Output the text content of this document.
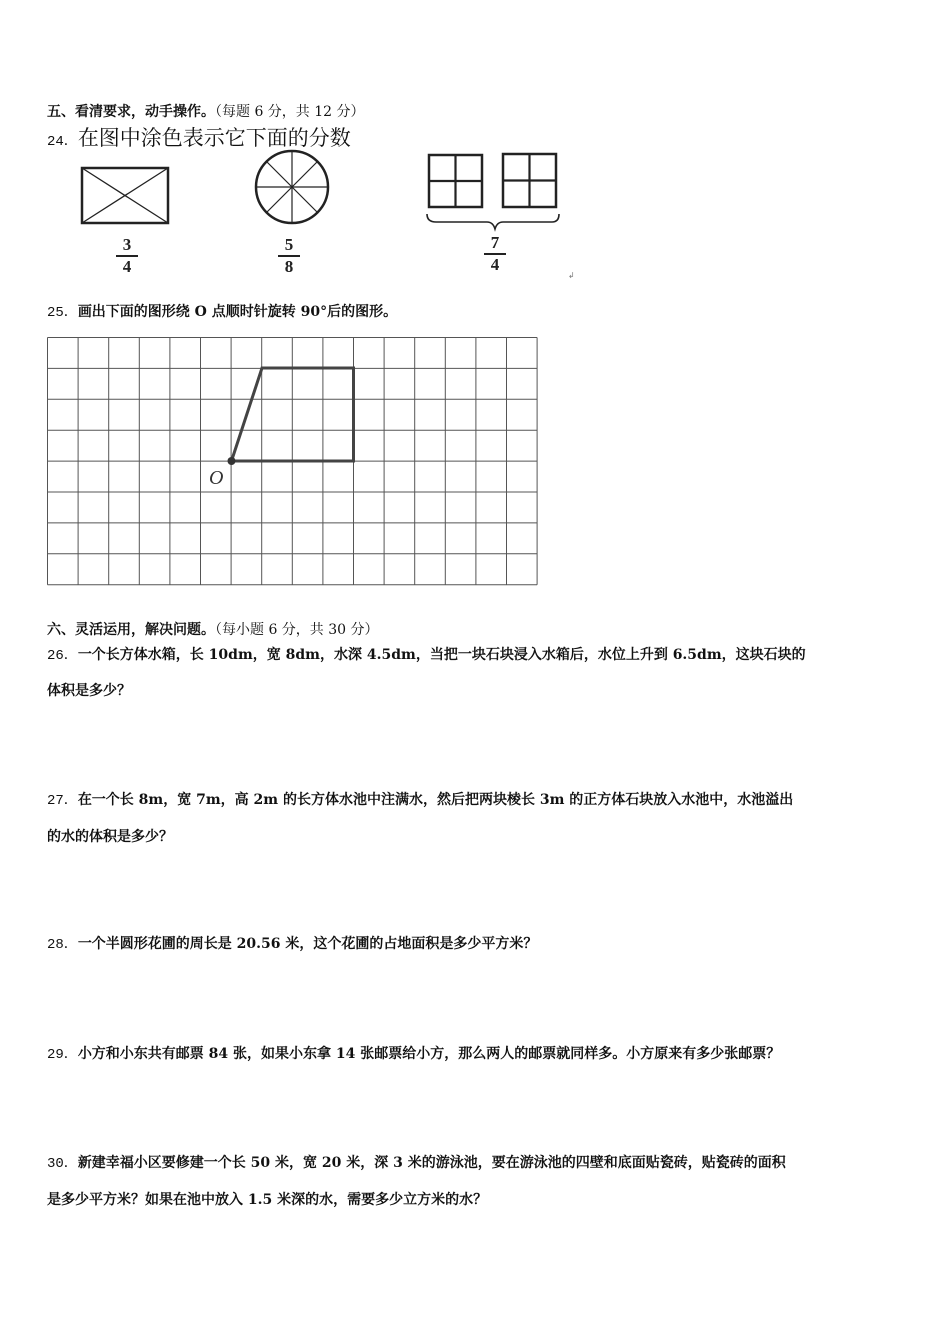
五、看清要求，动手操作。（每题 6 分，共 12 分）
24．在图中涂色表示它下面的分数
↲
3
4
5
8
7
4
25．画出下面的图形绕 O 点顺时针旋转 90°后的图形。
O
六、灵活运用，解决问题。（每小题 6 分，共 30 分）
26．一个长方体水箱，长 10dm，宽 8dm，水深 4.5dm，当把一块石块浸入水箱后，水位上升到 6.5dm，这块石块的
体积是多少？
27．在一个长 8m，宽 7m，高 2m 的长方体水池中注满水，然后把两块棱长 3m 的正方体石块放入水池中，水池溢出
的水的体积是多少？
28．一个半圆形花圃的周长是 20.56 米，这个花圃的占地面积是多少平方米？
29．小方和小东共有邮票 84 张，如果小东拿 14 张邮票给小方，那么两人的邮票就同样多。小方原来有多少张邮票？
30．新建幸福小区要修建一个长 50 米，宽 20 米，深 3 米的游泳池，要在游泳池的四壁和底面贴瓷砖，贴瓷砖的面积
是多少平方米？如果在池中放入 1.5 米深的水，需要多少立方米的水？
